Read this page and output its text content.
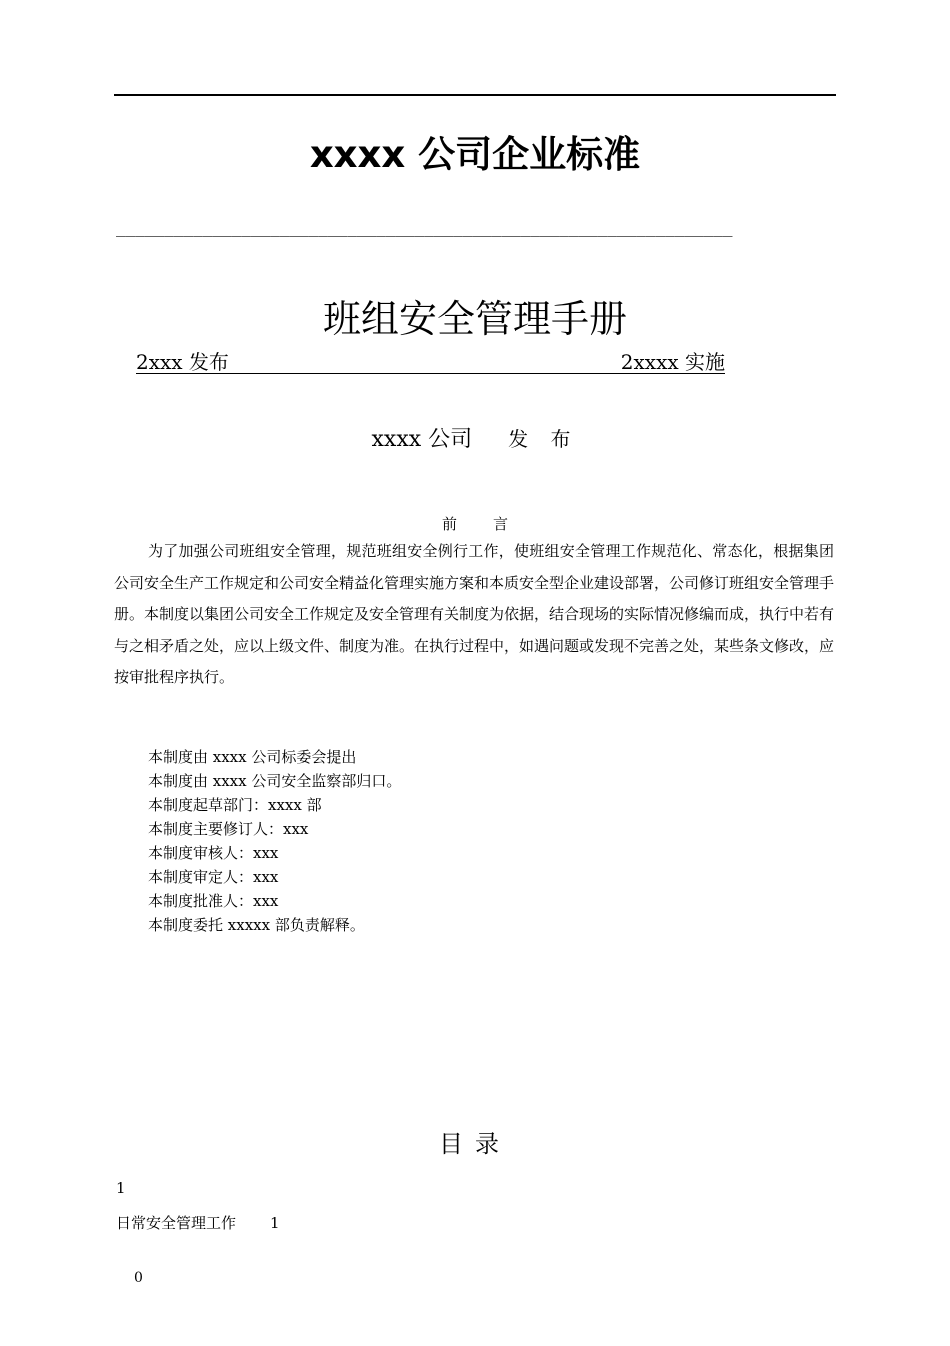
xxxx 公司企业标准
________________________________________________________________
班组安全管理手册
2xxx 发布	2xxxx 实施
xxxx 公司 发 布
前 言
为了加强公司班组安全管理，规范班组安全例行工作，使班组安全管理工作规范化、常态化，根据集团公司安全生产工作规定和公司安全精益化管理实施方案和本质安全型企业建设部署，公司修订班组安全管理手册。本制度以集团公司安全工作规定及安全管理有关制度为依据，结合现场的实际情况修编而成，执行中若有与之相矛盾之处，应以上级文件、制度为准。在执行过程中，如遇问题或发现不完善之处，某些条文修改，应按审批程序执行。
本制度由 xxxx 公司标委会提出
本制度由 xxxx 公司安全监察部归口。
本制度起草部门：xxxx 部
本制度主要修订人：xxx
本制度审核人：xxx
本制度审定人：xxx
本制度批准人：xxx
本制度委托 xxxxx 部负责解释。
目录
1
日常安全管理工作 1
0
